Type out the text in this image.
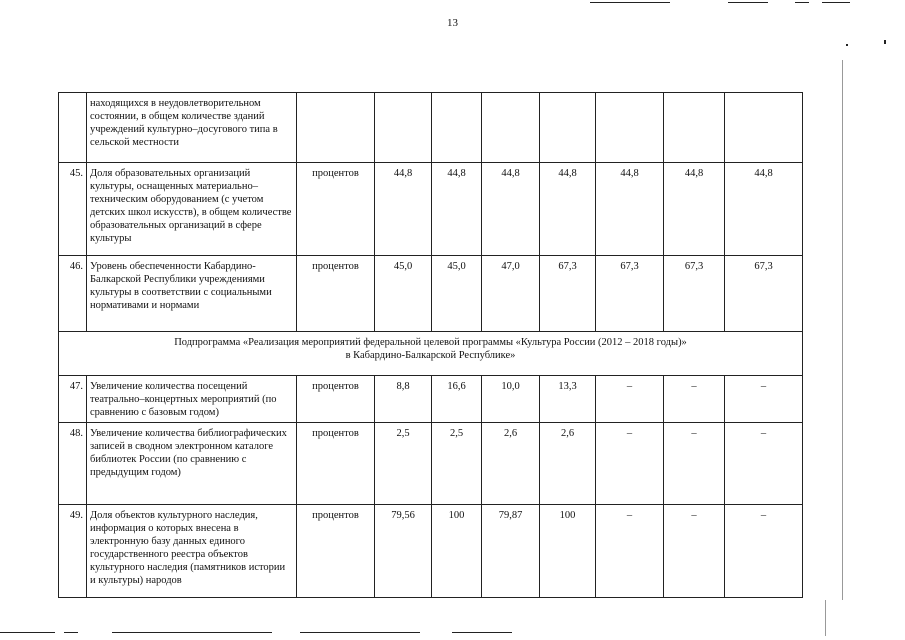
13
	находящихся в неудовлетворительном состоянии, в общем количестве зданий учреждений культурно–досугового типа в сельской местности								
45.	Доля образовательных организаций культуры, оснащенных материально–техническим оборудованием (с учетом детских школ искусств), в общем количестве образовательных организаций в сфере культуры	процентов	44,8	44,8	44,8	44,8	44,8	44,8	44,8
46.	Уровень обеспеченности Кабардино-Балкарской Республики учреждениями культуры в соответствии с социальными нормативами и нормами	процентов	45,0	45,0	47,0	67,3	67,3	67,3	67,3

Подпрограмма «Реализация мероприятий федеральной целевой программы «Культура России (2012 – 2018 годы)»
в Кабардино-Балкарской Республике»									

47.	Увеличение количества посещений театрально–концертных мероприятий (по сравнению с базовым годом)	процентов	8,8	16,6	10,0	13,3	–	–	–
48.	Увеличение количества библиографических записей в сводном электронном каталоге библиотек России (по сравнению с предыдущим годом)	процентов	2,5	2,5	2,6	2,6	–	–	–
49.	Доля объектов культурного наследия, информация о которых внесена в электронную базу данных единого государственного реестра объектов культурного наследия (памятников истории и культуры) народов	процентов	79,56	100	79,87	100	–	–	–
